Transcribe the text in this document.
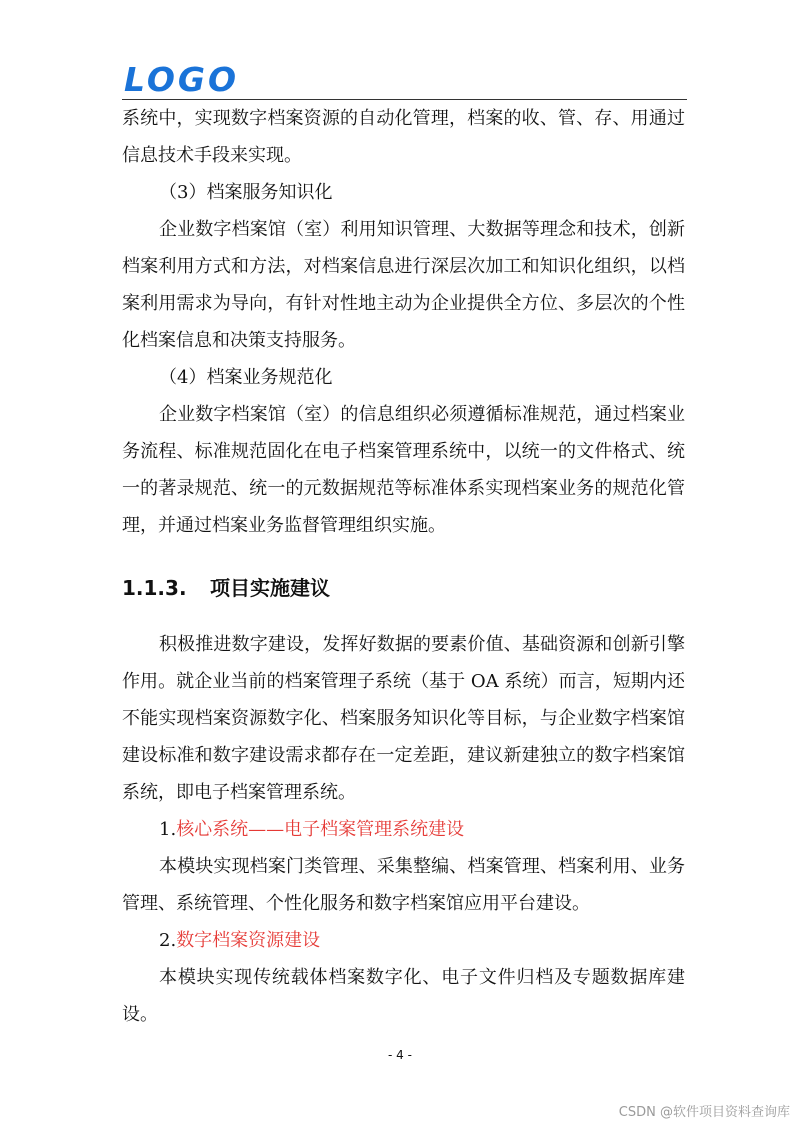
LOGO

系统中，实现数字档案资源的自动化管理，档案的收、管、存、用通过信息技术手段来实现。

（3）档案服务知识化

企业数字档案馆（室）利用知识管理、大数据等理念和技术，创新档案利用方式和方法，对档案信息进行深层次加工和知识化组织，以档案利用需求为导向，有针对性地主动为企业提供全方位、多层次的个性化档案信息和决策支持服务。

（4）档案业务规范化

企业数字档案馆（室）的信息组织必须遵循标准规范，通过档案业务流程、标准规范固化在电子档案管理系统中，以统一的文件格式、统一的著录规范、统一的元数据规范等标准体系实现档案业务的规范化管理，并通过档案业务监督管理组织实施。

1.1.3. 项目实施建议

积极推进数字建设，发挥好数据的要素价值、基础资源和创新引擎作用。就企业当前的档案管理子系统（基于 OA 系统）而言，短期内还不能实现档案资源数字化、档案服务知识化等目标，与企业数字档案馆建设标准和数字建设需求都存在一定差距，建议新建独立的数字档案馆系统，即电子档案管理系统。

1.核心系统——电子档案管理系统建设

本模块实现档案门类管理、采集整编、档案管理、档案利用、业务管理、系统管理、个性化服务和数字档案馆应用平台建设。

2.数字档案资源建设

本模块实现传统载体档案数字化、电子文件归档及专题数据库建设。

- 4 -
CSDN @软件项目资料查询库
